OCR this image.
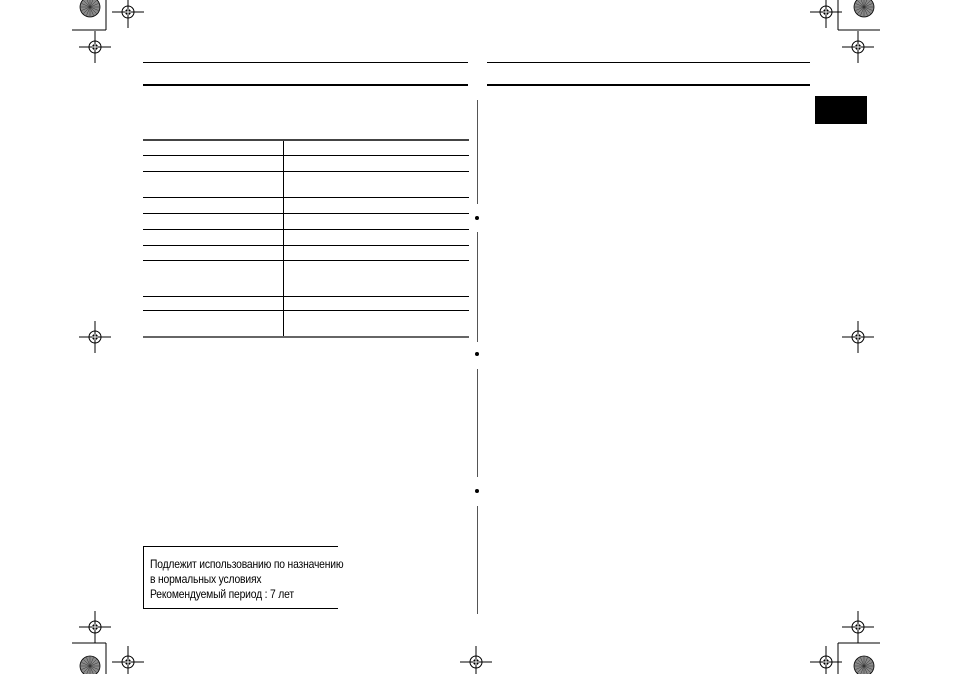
Подлежит использованию по назначению
в нормальных условиях
Рекомендуемый период : 7 лет
